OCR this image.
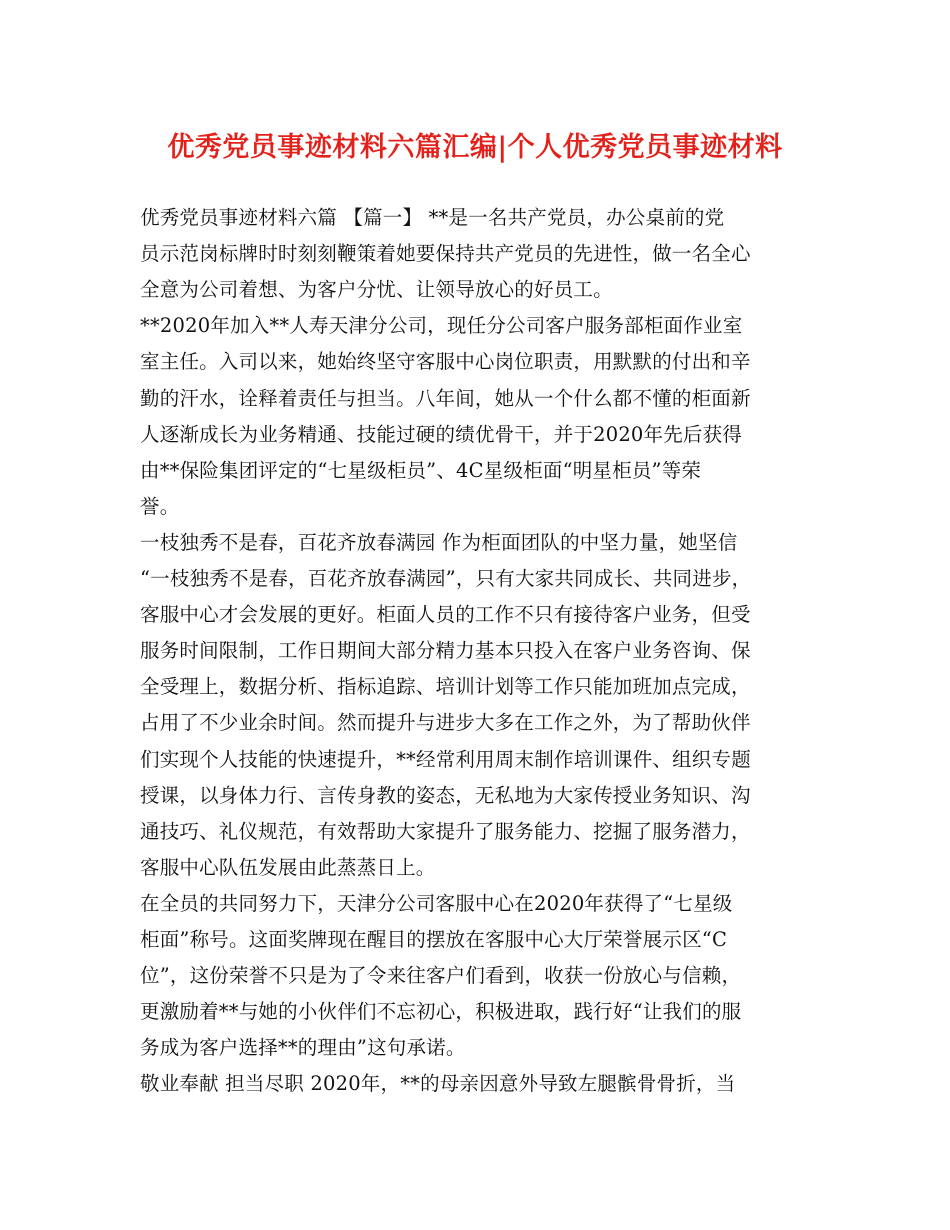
优秀党员事迹材料六篇汇编|个人优秀党员事迹材料
优秀党员事迹材料六篇 【篇一】 **是一名共产党员，办公桌前的党
员示范岗标牌时时刻刻鞭策着她要保持共产党员的先进性，做一名全心
全意为公司着想、为客户分忧、让领导放心的好员工。
**2020年加入**人寿天津分公司，现任分公司客户服务部柜面作业室
室主任。入司以来，她始终坚守客服中心岗位职责，用默默的付出和辛
勤的汗水，诠释着责任与担当。八年间，她从一个什么都不懂的柜面新
人逐渐成长为业务精通、技能过硬的绩优骨干，并于2020年先后获得
由**保险集团评定的“七星级柜员”、4C星级柜面“明星柜员”等荣
誉。
一枝独秀不是春，百花齐放春满园 作为柜面团队的中坚力量，她坚信
“一枝独秀不是春，百花齐放春满园”，只有大家共同成长、共同进步，
客服中心才会发展的更好。柜面人员的工作不只有接待客户业务，但受
服务时间限制，工作日期间大部分精力基本只投入在客户业务咨询、保
全受理上，数据分析、指标追踪、培训计划等工作只能加班加点完成，
占用了不少业余时间。然而提升与进步大多在工作之外，为了帮助伙伴
们实现个人技能的快速提升，**经常利用周末制作培训课件、组织专题
授课，以身体力行、言传身教的姿态，无私地为大家传授业务知识、沟
通技巧、礼仪规范，有效帮助大家提升了服务能力、挖掘了服务潜力，
客服中心队伍发展由此蒸蒸日上。
在全员的共同努力下，天津分公司客服中心在2020年获得了“七星级
柜面”称号。这面奖牌现在醒目的摆放在客服中心大厅荣誉展示区“C
位”，这份荣誉不只是为了令来往客户们看到，收获一份放心与信赖，
更激励着**与她的小伙伴们不忘初心，积极进取，践行好“让我们的服
务成为客户选择**的理由”这句承诺。
敬业奉献 担当尽职 2020年，**的母亲因意外导致左腿髌骨骨折，当
